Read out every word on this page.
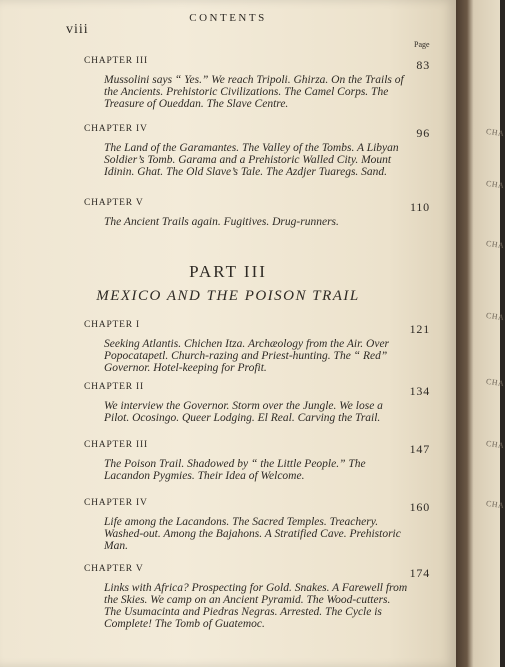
CONTENTS
viii
Page
CHAPTER III	83
Mussolini says “ Yes.” We reach Tripoli. Ghirza. On the Trails of the Ancients. Prehistoric Civilizations. The Camel Corps. The Treasure of Oueddan. The Slave Centre.
CHAPTER IV	96
The Land of the Garamantes. The Valley of the Tombs. A Libyan Soldier’s Tomb. Garama and a Prehistoric Walled City. Mount Idinin. Ghat. The Old Slave’s Tale. The Azdjer Tuaregs. Sand.
CHAPTER V	110
The Ancient Trails again. Fugitives. Drug-runners.
PART III
MEXICO AND THE POISON TRAIL
CHAPTER I	121
Seeking Atlantis. Chichen Itza. Archæology from the Air. Over Popocatapetl. Church-razing and Priest-hunting. The “ Red” Governor. Hotel-keeping for Profit.
CHAPTER II	134
We interview the Governor. Storm over the Jungle. We lose a Pilot. Ocosingo. Queer Lodging. El Real. Carving the Trail.
CHAPTER III	147
The Poison Trail. Shadowed by “ the Little People.” The Lacandon Pygmies. Their Idea of Welcome.
CHAPTER IV	160
Life among the Lacandons. The Sacred Temples. Treachery. Washed-out. Among the Bajahons. A Stratified Cave. Prehistoric Man.
CHAPTER V	174
Links with Africa? Prospecting for Gold. Snakes. A Farewell from the Skies. We camp on an Ancient Pyramid. The Wood-cutters. The Usumacinta and Piedras Negras. Arrested. The Cycle is Complete! The Tomb of Guatemoc.
CHA
CHA
CHA
CHA
CHA
CHA
CHA
